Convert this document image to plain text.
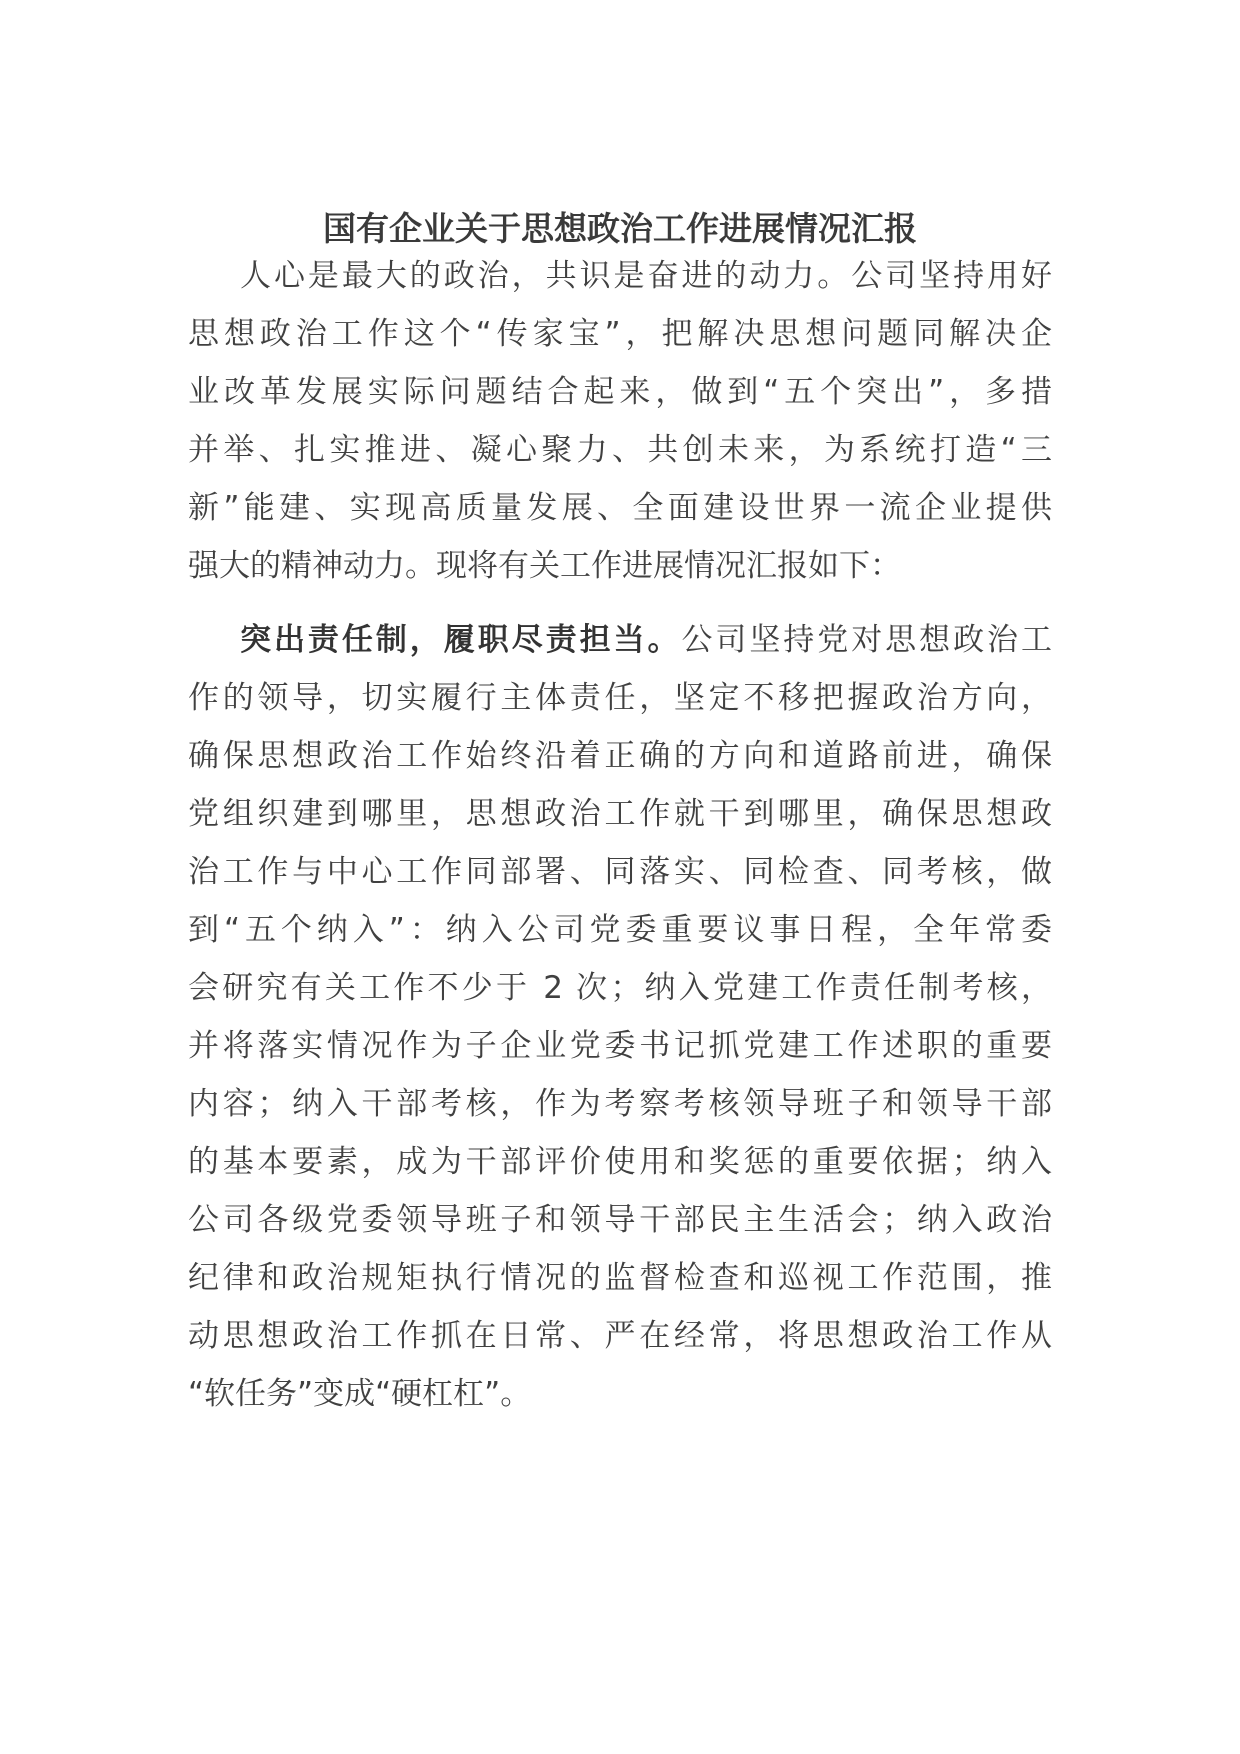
国有企业关于思想政治工作进展情况汇报
人心是最大的政治，共识是奋进的动力。公司坚持用好
思想政治工作这个“传家宝”，把解决思想问题同解决企
业改革发展实际问题结合起来，做到“五个突出”，多措
并举、扎实推进、凝心聚力、共创未来，为系统打造“三
新”能建、实现高质量发展、全面建设世界一流企业提供
强大的精神动力。现将有关工作进展情况汇报如下：
突出责任制，履职尽责担当。公司坚持党对思想政治工
作的领导，切实履行主体责任，坚定不移把握政治方向，
确保思想政治工作始终沿着正确的方向和道路前进，确保
党组织建到哪里，思想政治工作就干到哪里，确保思想政
治工作与中心工作同部署、同落实、同检查、同考核，做
到“五个纳入”：纳入公司党委重要议事日程，全年常委
会研究有关工作不少于 2 次；纳入党建工作责任制考核，
并将落实情况作为子企业党委书记抓党建工作述职的重要
内容；纳入干部考核，作为考察考核领导班子和领导干部
的基本要素，成为干部评价使用和奖惩的重要依据；纳入
公司各级党委领导班子和领导干部民主生活会；纳入政治
纪律和政治规矩执行情况的监督检查和巡视工作范围，推
动思想政治工作抓在日常、严在经常，将思想政治工作从
“软任务”变成“硬杠杠”。
